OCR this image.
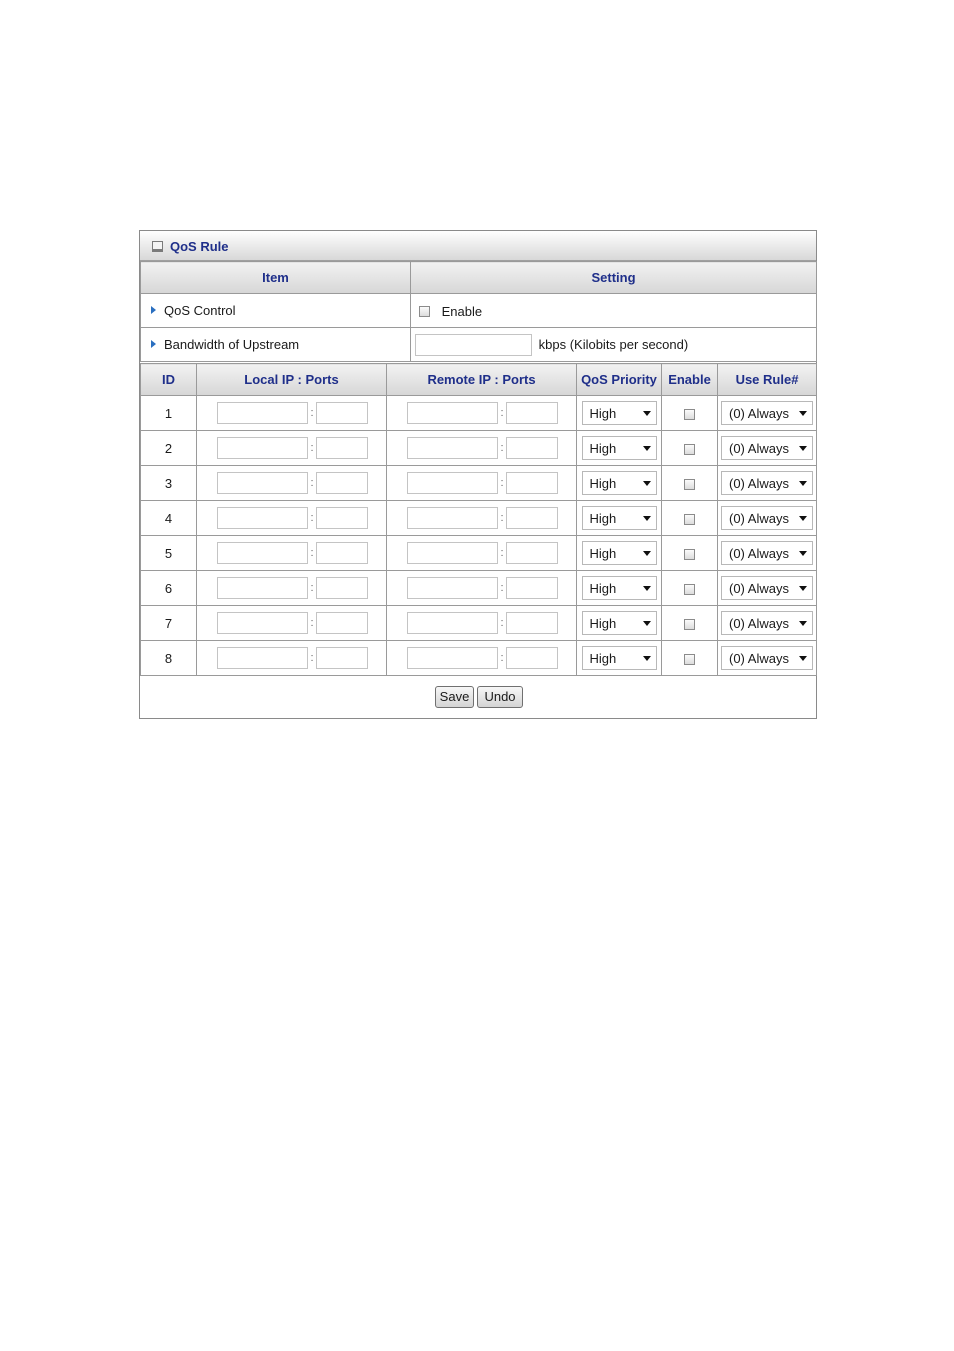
QoS Rule
Item	Setting
QoS Control	Enable
Bandwidth of Upstream	kbps (Kilobits per second)
ID	Local IP : Ports	Remote IP : Ports	QoS Priority	Enable	Use Rule#
1	:	:	High		(0) Always

2	:	:	High		(0) Always

3	:	:	High		(0) Always

4	:	:	High		(0) Always

5	:	:	High		(0) Always

6	:	:	High		(0) Always

7	:	:	High		(0) Always

8	:	:	High		(0) Always
Save	Undo
